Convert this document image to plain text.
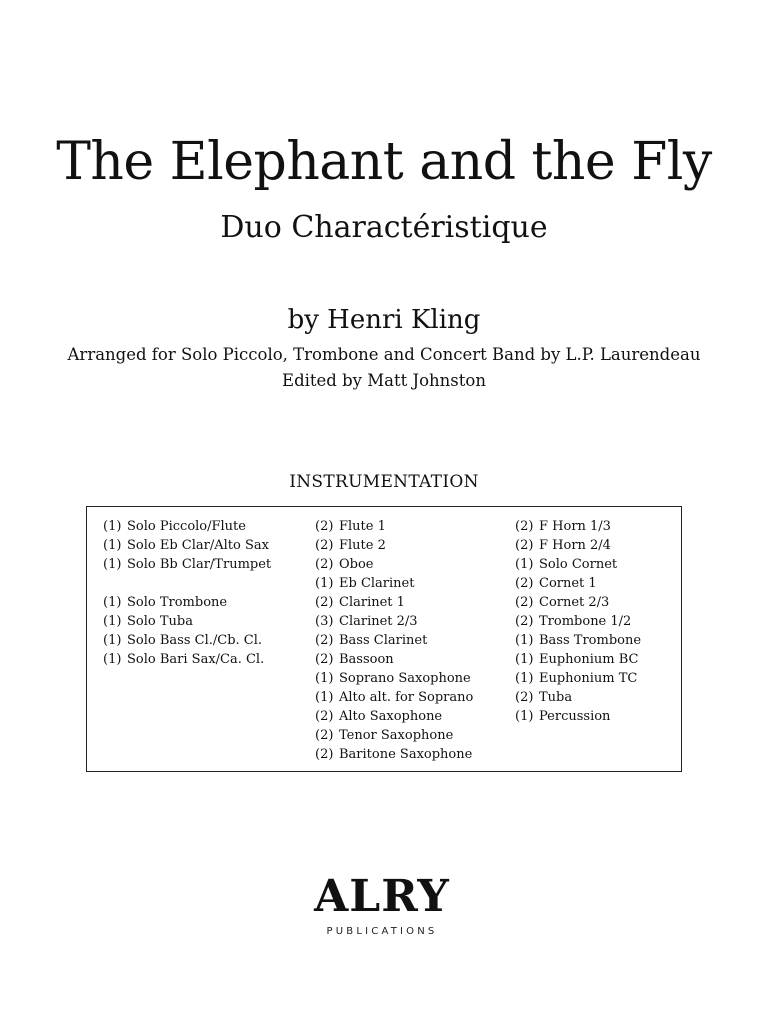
The Elephant and the Fly
Duo Charactéristique
by Henri Kling
Arranged for Solo Piccolo, Trombone and Concert Band by L.P. Laurendeau
Edited by Matt Johnston
INSTRUMENTATION
(1) Solo Piccolo/Flute
(1) Solo Eb Clar/Alto Sax
(1) Solo Bb Clar/Trumpet
(1) Solo Trombone
(1) Solo Tuba
(1) Solo Bass Cl./Cb. Cl.
(1) Solo Bari Sax/Ca. Cl.
(2) Flute 1
(2) Flute 2
(2) Oboe
(1) Eb Clarinet
(2) Clarinet 1
(3) Clarinet 2/3
(2) Bass Clarinet
(2) Bassoon
(1) Soprano Saxophone
(1) Alto alt. for Soprano
(2) Alto Saxophone
(2) Tenor Saxophone
(2) Baritone Saxophone
(2) F Horn 1/3
(2) F Horn 2/4
(1) Solo Cornet
(2) Cornet 1
(2) Cornet 2/3
(2) Trombone 1/2
(1) Bass Trombone
(1) Euphonium BC
(1) Euphonium TC
(2) Tuba
(1) Percussion
ALRY
PUBLICATIONS
